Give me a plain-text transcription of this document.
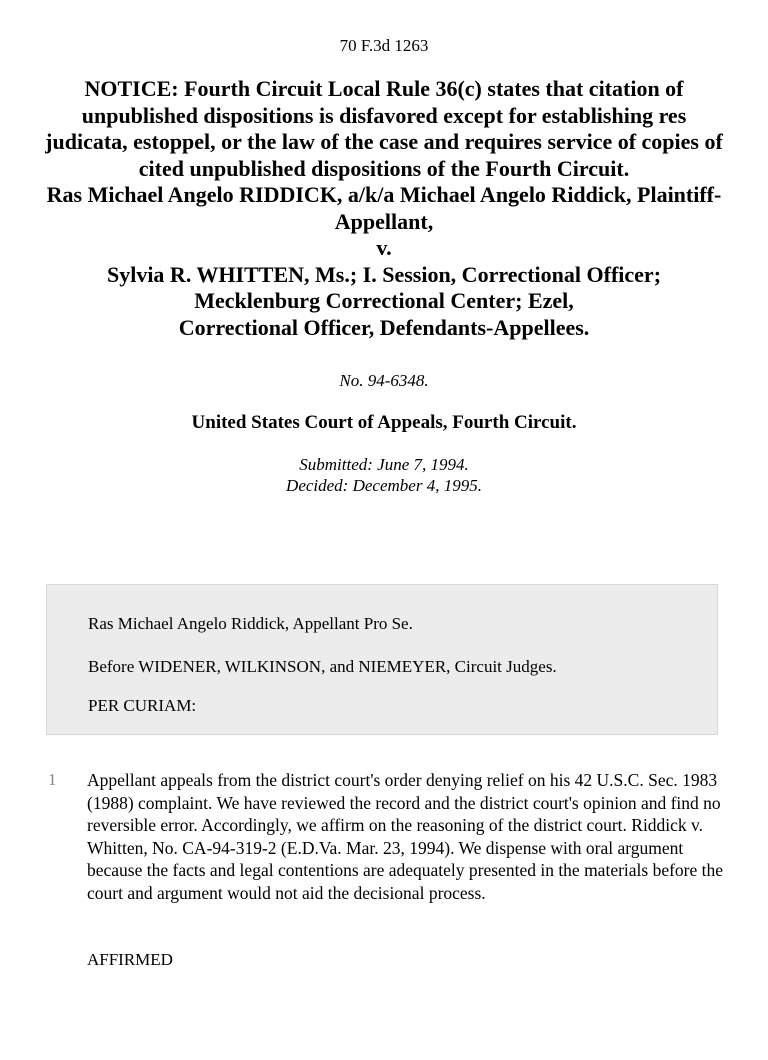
70 F.3d 1263
NOTICE: Fourth Circuit Local Rule 36(c) states that citation of unpublished dispositions is disfavored except for establishing res judicata, estoppel, or the law of the case and requires service of copies of cited unpublished dispositions of the Fourth Circuit.
Ras Michael Angelo RIDDICK, a/k/a Michael Angelo Riddick, Plaintiff-Appellant,
v.
Sylvia R. WHITTEN, Ms.; I. Session, Correctional Officer;
Mecklenburg Correctional Center; Ezel,
Correctional Officer, Defendants-Appellees.
No. 94-6348.
United States Court of Appeals, Fourth Circuit.
Submitted: June 7, 1994.
Decided: December 4, 1995.

Ras Michael Angelo Riddick, Appellant Pro Se.

Before WIDENER, WILKINSON, and NIEMEYER, Circuit Judges.

PER CURIAM:

1 Appellant appeals from the district court's order denying relief on his 42 U.S.C. Sec. 1983 (1988) complaint. We have reviewed the record and the district court's opinion and find no reversible error. Accordingly, we affirm on the reasoning of the district court. Riddick v. Whitten, No. CA-94-319-2 (E.D.Va. Mar. 23, 1994). We dispense with oral argument because the facts and legal contentions are adequately presented in the materials before the court and argument would not aid the decisional process.
AFFIRMED
